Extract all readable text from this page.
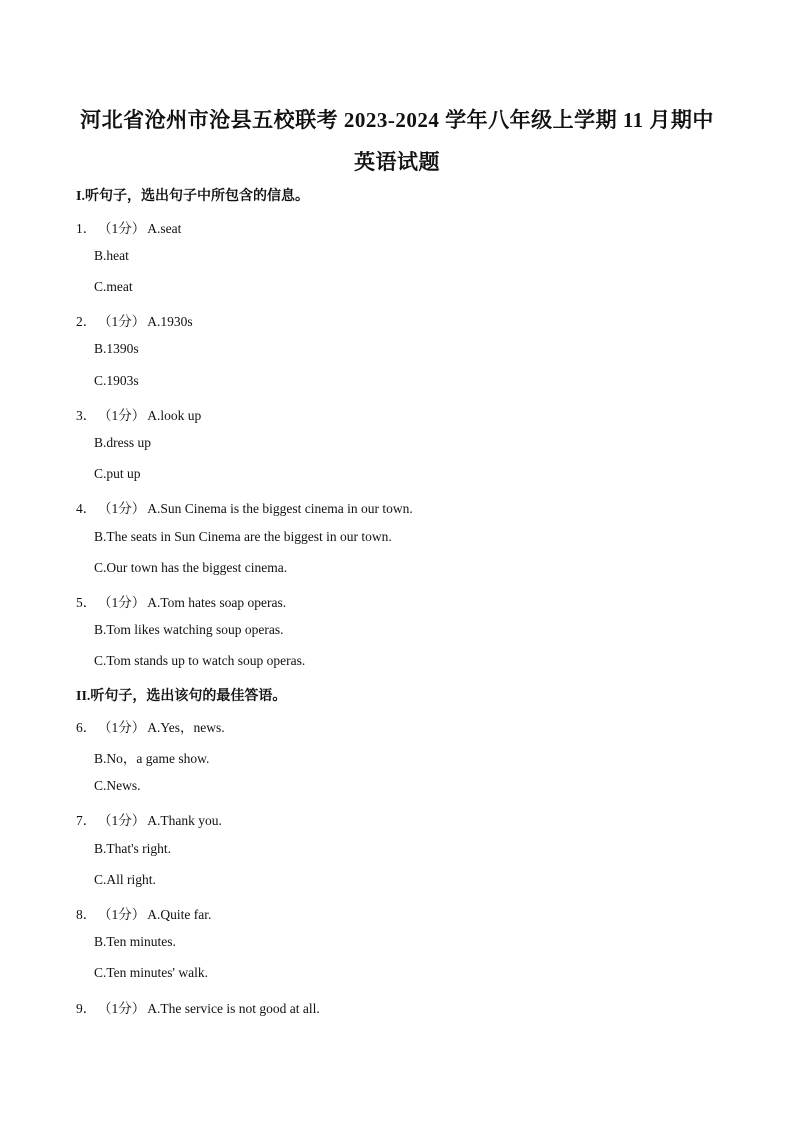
河北省沧州市沧县五校联考 2023-2024 学年八年级上学期 11 月期中
英语试题
I.听句子，选出句子中所包含的信息。
1． （1分） A.seat
B.heat
C.meat
2． （1分） A.1930s
B.1390s
C.1903s
3． （1分） A.look up
B.dress up
C.put up
4． （1分） A.Sun Cinema is the biggest cinema in our town.
B.The seats in Sun Cinema are the biggest in our town.
C.Our town has the biggest cinema.
5． （1分） A.Tom hates soap operas.
B.Tom likes watching soup operas.
C.Tom stands up to watch soup operas.
II.听句子，选出该句的最佳答语。
6． （1分） A.Yes，news.
B.No，a game show.
C.News.
7． （1分） A.Thank you.
B.That's right.
C.All right.
8． （1分） A.Quite far.
B.Ten minutes.
C.Ten minutes' walk.
9． （1分） A.The service is not good at all.
